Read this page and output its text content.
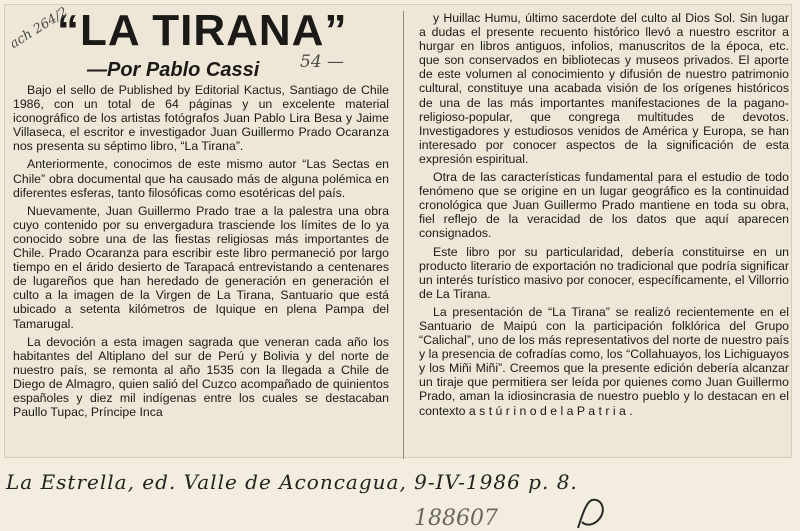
“LA TIRANA”
—Por Pablo Cassi

Bajo el sello de Published by Editorial Kactus, Santiago de Chile 1986, con un total de 64 páginas y un excelente material iconográfico de los artistas fotógrafos Juan Pablo Lira Besa y Jaime Villaseca, el escritor e investigador Juan Guillermo Prado Ocaranza nos presenta su séptimo libro, “La Tirana”.

Anteriormente, conocimos de este mismo autor “Las Sectas en Chile” obra documental que ha causado más de alguna polémica en diferentes esferas, tanto filosóficas como esotéricas del país.

Nuevamente, Juan Guillermo Prado trae a la palestra una obra cuyo contenido por su envergadura trasciende los límites de lo ya conocido sobre una de las fiestas religiosas más importantes de Chile. Prado Ocaranza para escribir este libro permaneció por largo tiempo en el árido desierto de Tarapacá entrevistando a centenares de lugareños que han heredado de generación en generación el culto a la imagen de la Virgen de La Tirana, Santuario que está ubicado a setenta kilómetros de Iquique en plena Pampa del Tamarugal.

La devoción a esta imagen sagrada que veneran cada año los habitantes del Altiplano del sur de Perú y Bolivia y del norte de nuestro país, se remonta al año 1535 con la llegada a Chile de Diego de Almagro, quien salió del Cuzco acompañado de quinientos españoles y diez mil indígenas entre los cuales se destacaban Paullo Tupac, Príncipe Inca

y Huillac Humu, último sacerdote del culto al Dios Sol. Sin lugar a dudas el presente recuento histórico llevó a nuestro escritor a hurgar en libros antiguos, infolios, manuscritos de la época, etc. que son conservados en bibliotecas y museos privados. El aporte de este volumen al conocimiento y difusión de nuestro patrimonio cultural, constituye una acabada visión de los orígenes históricos de una de las más importantes manifestaciones de la pagano-religioso-popular, que congrega multitudes de devotos. Investigadores y estudiosos venidos de América y Europa, se han interesado por conocer aspectos de la significación de esta expresión espiritual.

Otra de las características fundamental para el estudio de todo fenómeno que se origine en un lugar geográfico es la continuidad cronológica que Juan Guillermo Prado mantiene en toda su obra, fiel reflejo de la veracidad de los datos que aquí aparecen consignados.

Este libro por su particularidad, debería constituirse en un producto literario de exportación no tradicional que podría significar un interés turístico masivo por conocer, específicamente, el Villorrio de La Tirana.

La presentación de “La Tirana” se realizó recientemente en el Santuario de Maipú con la participación folklórica del Grupo “Calichal”, uno de los más representativos del norte de nuestro país y la presencia de cofradías como, los “Collahuayos, los Lichiguayos y los Miñi Miñi”. Creemos que la presente edición debería alcanzar un tiraje que permitiera ser leída por quienes como Juan Guillermo Prado, aman la idiosincrasia de nuestro pueblo y lo destacan en el contexto a s t ú r i n o d e l a P a t r i a .

ach 264/2
54 —
La Estrella, ed. Valle de Aconcagua, 9-IV-1986 p. 8.
188607
